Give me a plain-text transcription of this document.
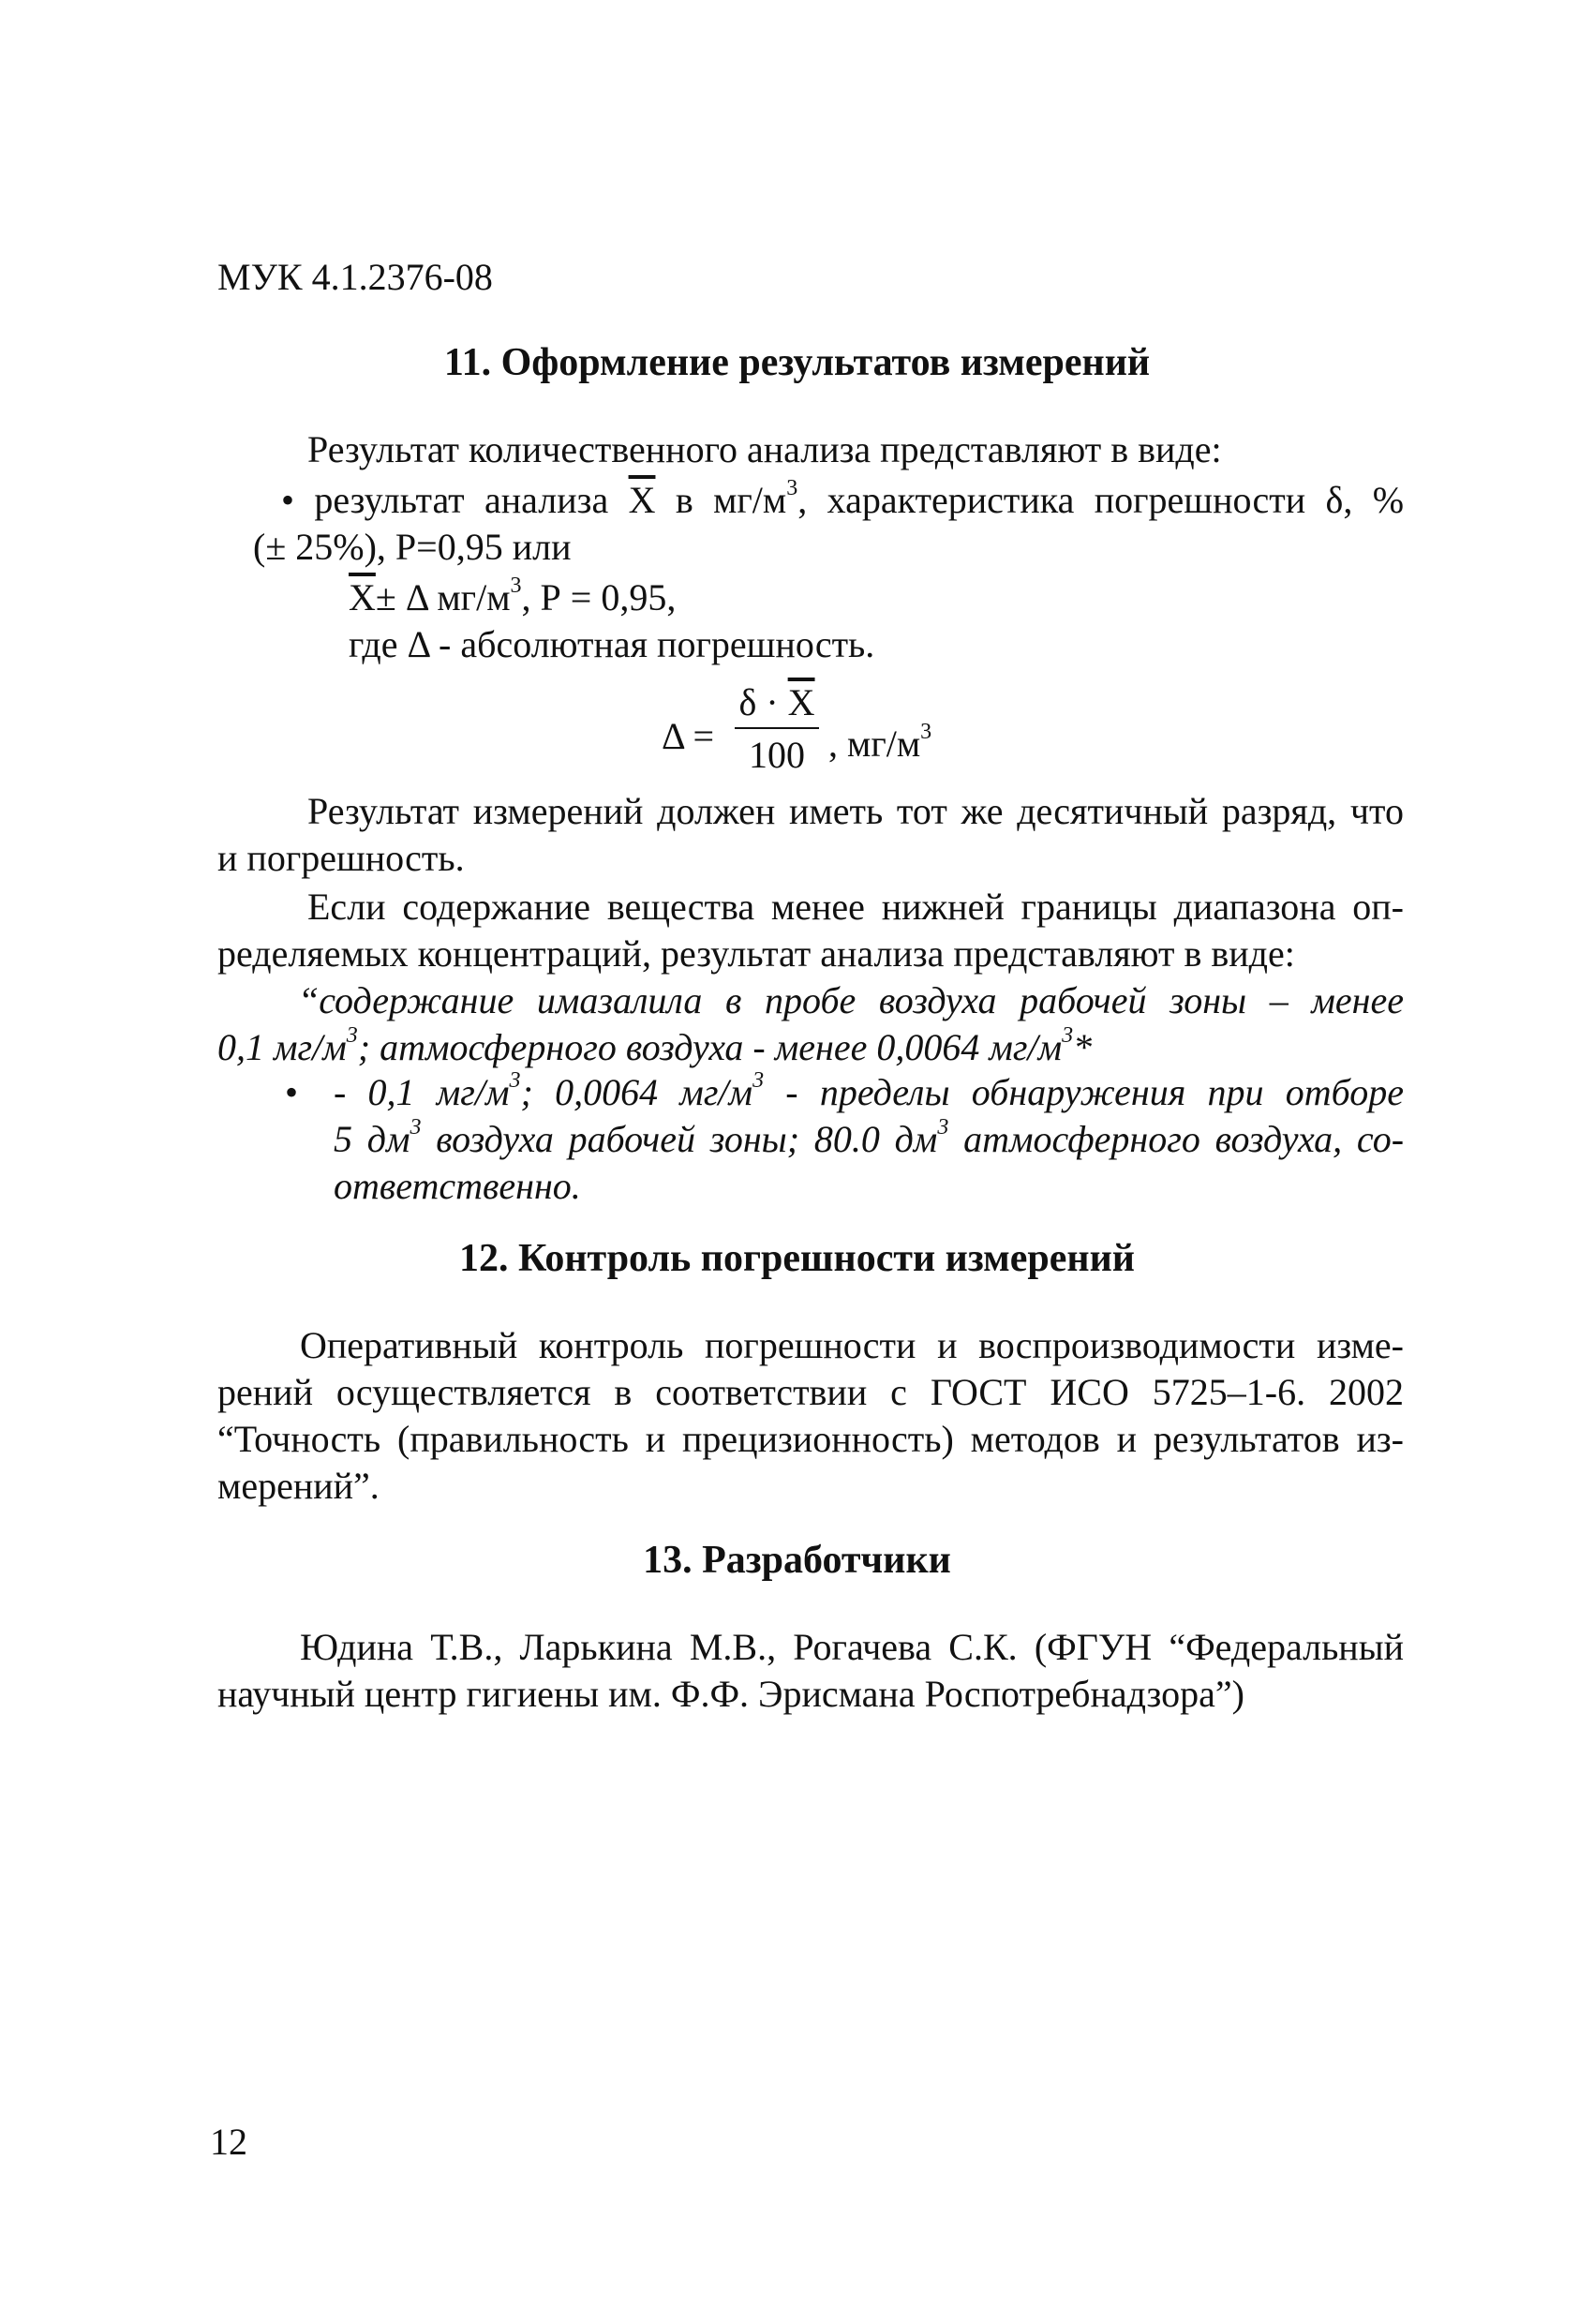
МУК 4.1.2376-08
11. Оформление результатов измерений
Результат количественного анализа представляют в виде:
• результат анализа $\overline{X}$ в $мг/м^3$, характеристика погрешности δ, %
(± 25%), Р=0,95 или
$\overline{X}\pm \Delta$ $мг/м^3$, Р = 0,95,
где Δ - абсолютная погрешность.
Δ =
$\delta \cdot \overline{X}$
100 , $мг/м^3$
Результат измерений должен иметь тот же десятичный разряд, что
и погрешность.
Если содержание вещества менее нижней границы диапазона оп-
ределяемых концентраций, результат анализа представляют в виде:
“содержание имазалила в пробе воздуха рабочей зоны – менее
0,1 $мг/м^3$; атмосферного воздуха - менее 0,0064 $мг/м^3*$
• - 0,1 $мг/м^3$; 0,0064 $мг/м^3$ - пределы обнаружения при отборе
5 $дм^3$ воздуха рабочей зоны; 80.0 $дм^3$ атмосферного воздуха, со-
ответственно.
12. Контроль погрешности измерений
Оперативный контроль погрешности и воспроизводимости изме-
рений осуществляется в соответствии с ГОСТ ИСО 5725–1-6. 2002
“Точность (правильность и прецизионность) методов и результатов из-
мерений”.
13. Разработчики
Юдина Т.В., Ларькина М.В., Рогачева С.К. (ФГУН “Федеральный
научный центр гигиены им. Ф.Ф. Эрисмана Роспотребнадзора”)
12
